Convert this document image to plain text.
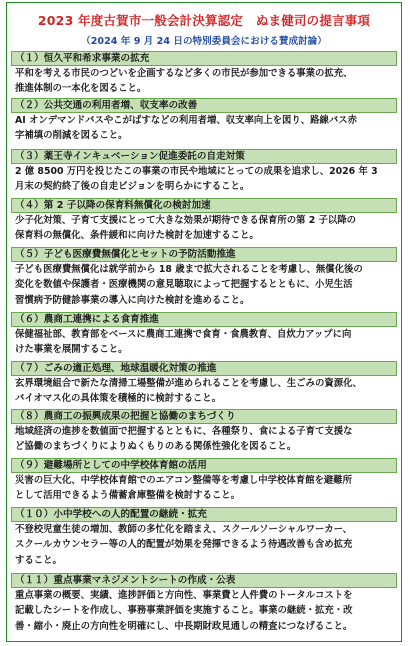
2023 年度古賀市一般会計決算認定　ぬま健司の提言事項
（2024 年 9 月 24 日の特別委員会における賛成討論）
（１）恒久平和希求事業の拡充
平和を考える市民のつどいを企画するなど多くの市民が参加できる事業の拡充、
推進体制の一本化を図ること。
（２）公共交通の利用者増、収支率の改善
AI オンデマンドバスやこがばすなどの利用者増、収支率向上を図り、路線バス赤
字補填の削減を図ること。
（３）薬王寺インキュベーション促進委託の自走対策
2 億 8500 万円を投じたこの事業の市民や地域にとっての成果を追求し、2026 年 3
月末の契約終了後の自走ビジョンを明らかにすること。
（４）第 2 子以降の保育料無償化の検討加速
少子化対策、子育て支援にとって大きな効果が期待できる保育所の第 2 子以降の
保育料の無償化、条件緩和に向けた検討を加速すること。
（５）子ども医療費無償化とセットの予防活動推進
子ども医療費無償化は就学前から 18 歳まで拡大されることを考慮し、無償化後の
変化を数値や保護者・医療機関の意見聴取によって把握するとともに、小児生活
習慣病予防健診事業の導入に向けた検討を進めること。
（６）農商工連携による食育推進
保健福祉部、教育部をベースに農商工連携で食育・食農教育、自炊力アップに向
けた事業を展開すること。
（７）ごみの適正処理、地球温暖化対策の推進
玄界環境組合で新たな清掃工場整備が進められることを考慮し、生ごみの資源化、
バイオマス化の具体策を積極的に検討すること。
（８）農商工の振興成果の把握と協働のまちづくり
地域経済の進捗を数値面で把握するとともに、各種祭り、食による子育て支援な
ど協働のまちづくりによりぬくもりのある関係性強化を図ること。
（９）避難場所としての中学校体育館の活用
災害の巨大化、中学校体育館でのエアコン整備等を考慮し中学校体育館を避難所
として活用できるよう備蓄倉庫整備を検討すること。
（１０）小中学校への人的配置の継続・拡充
不登校児童生徒の増加、教師の多忙化を踏まえ、スクールソーシャルワーカー、
スクールカウンセラー等の人的配置が効果を発揮できるよう待遇改善も含め拡充
すること。
（１１）重点事業マネジメントシートの作成・公表
重点事業の概要、実績、進捗評価と方向性、事業費と人件費のトータルコストを
記載したシートを作成し、事務事業評価を実施すること。事業の継続・拡充・改
善・縮小・廃止の方向性を明確にし、中長期財政見通しの精査につなげること。
